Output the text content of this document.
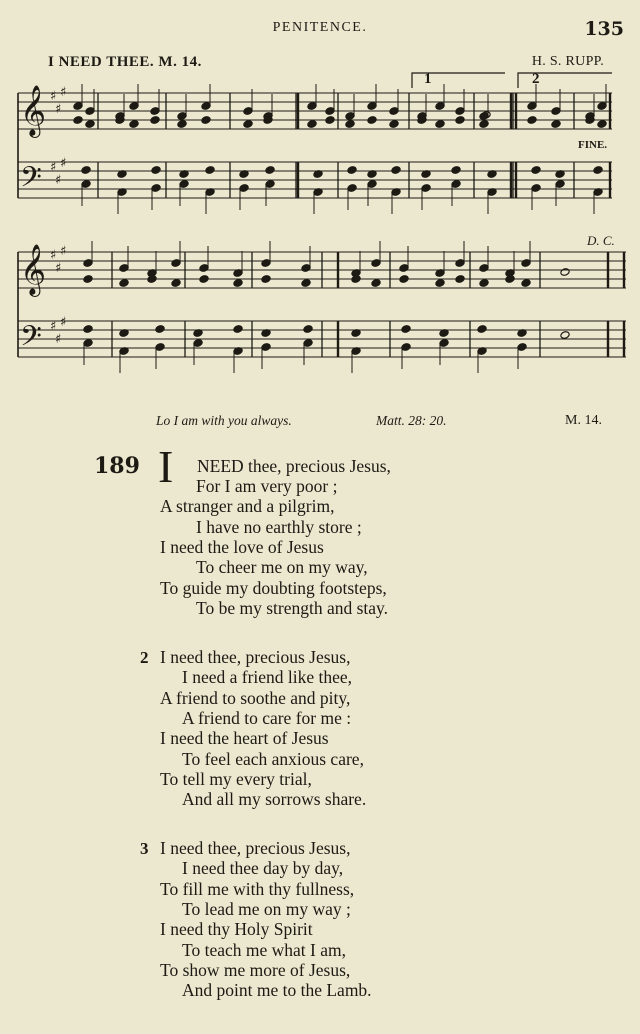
PENITENCE.	135
I NEED THEE. M. 14.	H. S. RUPP.
1	2
FINE.
D. C.
𝄞
𝄢
♯
♯
♯
♯
♯
♯
𝄞
𝄢
♯
♯
♯
♯
♯
♯
Lo I am with you always.	Matt. 28: 20.	M. 14.
189 I NEED thee, precious Jesus,
For I am very poor ;
A stranger and a pilgrim,
I have no earthly store ;
I need the love of Jesus
To cheer me on my way,
To guide my doubting footsteps,
To be my strength and stay.
2 I need thee, precious Jesus,
I need a friend like thee,
A friend to soothe and pity,
A friend to care for me :
I need the heart of Jesus
To feel each anxious care,
To tell my every trial,
And all my sorrows share.
3 I need thee, precious Jesus,
I need thee day by day,
To fill me with thy fullness,
To lead me on my way ;
I need thy Holy Spirit
To teach me what I am,
To show me more of Jesus,
And point me to the Lamb.
